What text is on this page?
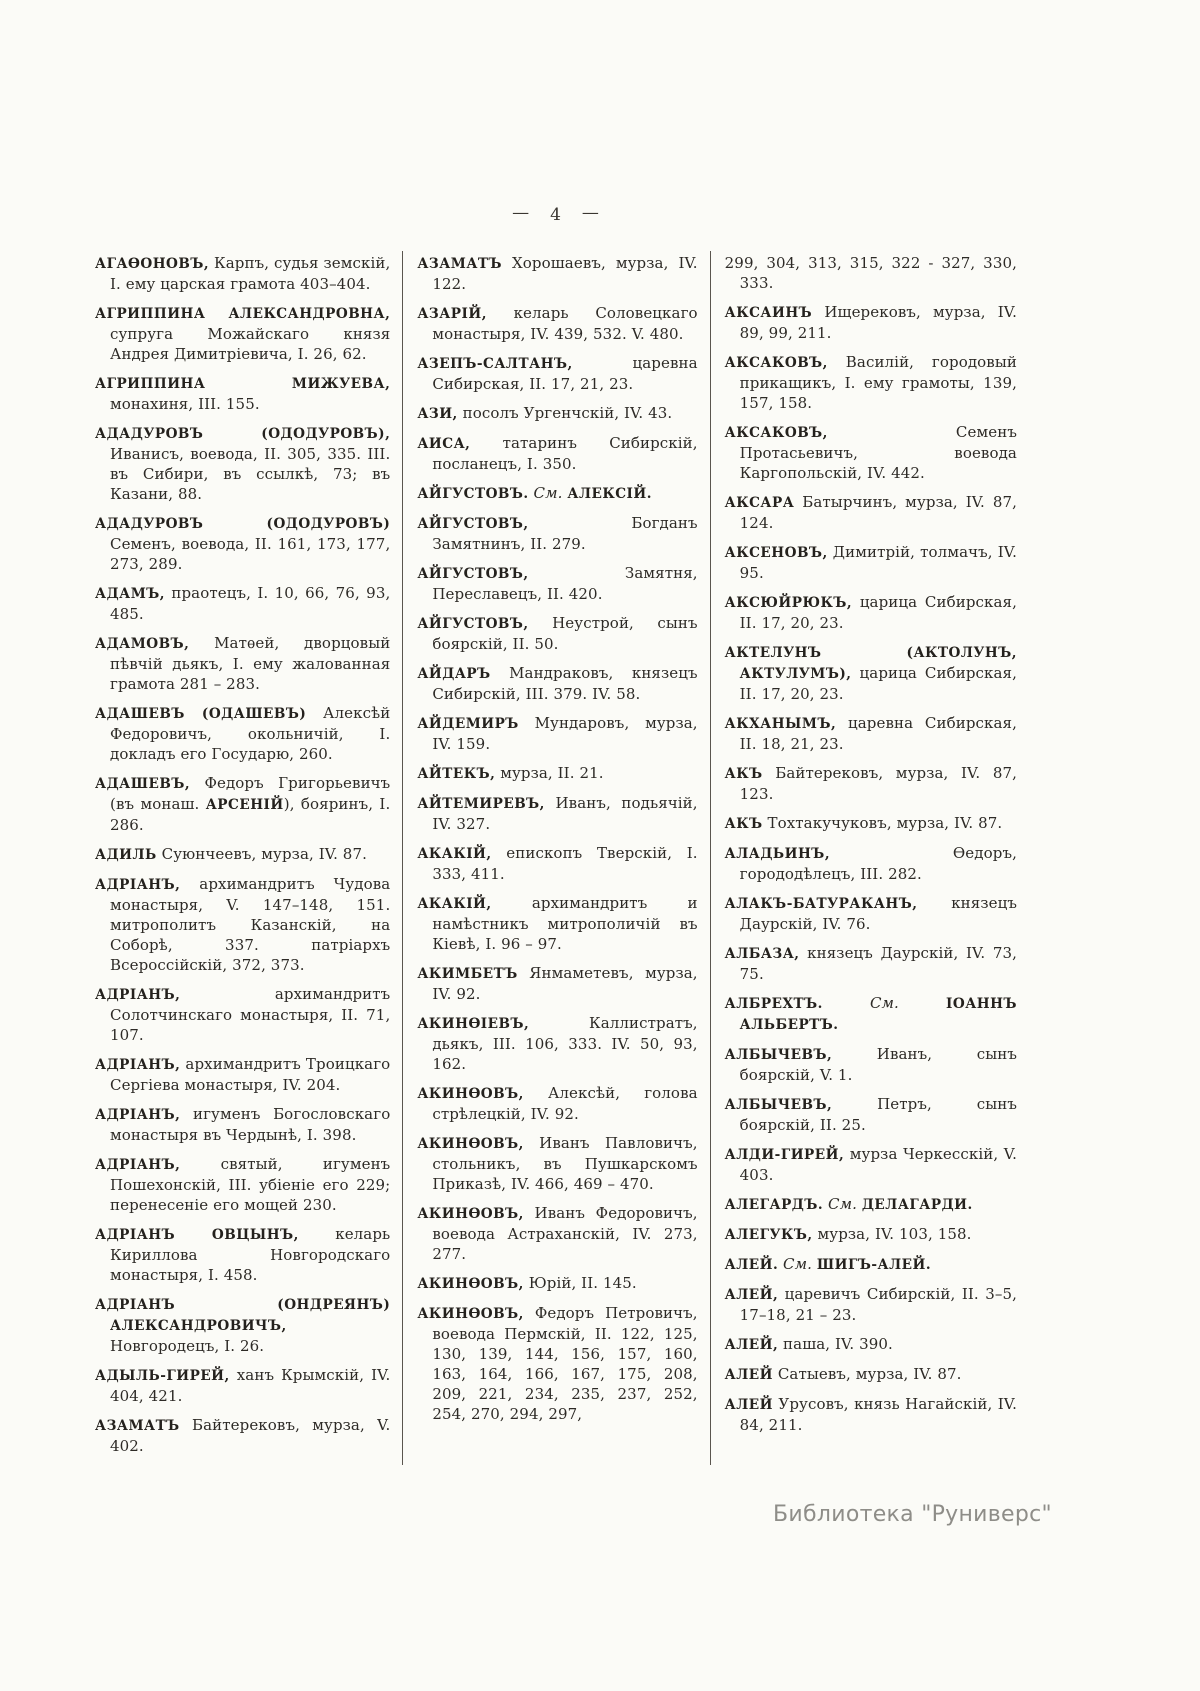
— 4 —

АГАѲОНОВЪ, Карпъ, судья земскій, I. ему царская грамота 403–404.

АГРИППИНА АЛЕКСАНДРОВНА, супруга Можайскаго князя Андрея Димитріевича, I. 26, 62.

АГРИППИНА МИЖУЕВА, монахиня, III. 155.

АДАДУРОВЪ (ОДОДУРОВЪ), Иванисъ, воевода, II. 305, 335. III. въ Сибири, въ ссылкѣ, 73; въ Казани, 88.

АДАДУРОВЪ (ОДОДУРОВЪ) Семенъ, воевода, II. 161, 173, 177, 273, 289.

АДАМЪ, праотецъ, I. 10, 66, 76, 93, 485.

АДАМОВЪ, Матѳей, дворцовый пѣвчій дьякъ, I. ему жалованная грамота 281 – 283.

АДАШЕВЪ (ОДАШЕВЪ) Алексѣй Федоровичъ, окольничій, I. докладъ его Государю, 260.

АДАШЕВЪ, Федоръ Григорьевичъ (въ монаш. АРСЕНІЙ), бояринъ, I. 286.

АДИЛЬ Суюнчеевъ, мурза, IV. 87.

АДРІАНЪ, архимандритъ Чудова монастыря, V. 147–148, 151. митрополитъ Казанскій, на Соборѣ, 337. патріархъ Всероссійскій, 372, 373.

АДРІАНЪ, архимандритъ Солотчинскаго монастыря, II. 71, 107.

АДРІАНЪ, архимандритъ Троицкаго Сергіева монастыря, IV. 204.

АДРІАНЪ, игуменъ Богословскаго монастыря въ Чердынѣ, I. 398.

АДРІАНЪ, святый, игуменъ Пошехонскій, III. убіеніе его 229; перенесеніе его мощей 230.

АДРІАНЪ ОВЦЫНЪ, келарь Кириллова Новгородскаго монастыря, I. 458.

АДРІАНЪ (ОНДРЕЯНЪ) АЛЕКСАНДРОВИЧЪ, Новгородецъ, I. 26.

АДЫЛЬ-ГИРЕЙ, ханъ Крымскій, IV. 404, 421.

АЗАМАТЪ Байтерековъ, мурза, V. 402.

АЗАМАТЪ Хорошаевъ, мурза, IV. 122.

АЗАРІЙ, келарь Соловецкаго монастыря, IV. 439, 532. V. 480.

АЗЕПЪ-САЛТАНЪ, царевна Сибирская, II. 17, 21, 23.

АЗИ, посолъ Ургенчскій, IV. 43.

АИСА, татаринъ Сибирскій, посланецъ, I. 350.

АЙГУСТОВЪ. См. АЛЕКСІЙ.

АЙГУСТОВЪ, Богданъ Замятнинъ, II. 279.

АЙГУСТОВЪ, Замятня, Переславецъ, II. 420.

АЙГУСТОВЪ, Неустрой, сынъ боярскій, II. 50.

АЙДАРЪ Мандраковъ, князецъ Сибирскій, III. 379. IV. 58.

АЙДЕМИРЪ Мундаровъ, мурза, IV. 159.

АЙТЕКЪ, мурза, II. 21.

АЙТЕМИРЕВЪ, Иванъ, подьячій, IV. 327.

АКАКІЙ, епископъ Тверскій, I. 333, 411.

АКАКІЙ, архимандритъ и намѣстникъ митрополичій въ Кіевѣ, I. 96 – 97.

АКИМБЕТЪ Янмаметевъ, мурза, IV. 92.

АКИНѲІЕВЪ, Каллистратъ, дьякъ, III. 106, 333. IV. 50, 93, 162.

АКИНѲОВЪ, Алексѣй, голова стрѣлецкій, IV. 92.

АКИНѲОВЪ, Иванъ Павловичъ, стольникъ, въ Пушкарскомъ Приказѣ, IV. 466, 469 – 470.

АКИНѲОВЪ, Иванъ Федоровичъ, воевода Астраханскій, IV. 273, 277.

АКИНѲОВЪ, Юрій, II. 145.

АКИНѲОВЪ, Федоръ Петровичъ, воевода Пермскій, II. 122, 125, 130, 139, 144, 156, 157, 160, 163, 164, 166, 167, 175, 208, 209, 221, 234, 235, 237, 252, 254, 270, 294, 297,

299, 304, 313, 315, 322 - 327, 330, 333.

АКСАИНЪ Ищерековъ, мурза, IV. 89, 99, 211.

АКСАКОВЪ, Василій, городовый прикащикъ, I. ему грамоты, 139, 157, 158.

АКСАКОВЪ, Семенъ Протасьевичъ, воевода Каргопольскій, IV. 442.

АКСАРА Батырчинъ, мурза, IV. 87, 124.

АКСЕНОВЪ, Димитрій, толмачъ, IV. 95.

АКСЮЙРЮКЪ, царица Сибирская, II. 17, 20, 23.

АКТЕЛУНЪ (АКТОЛУНЪ, АКТУЛУМЪ), царица Сибирская, II. 17, 20, 23.

АКХАНЫМЪ, царевна Сибирская, II. 18, 21, 23.

АКЪ Байтерековъ, мурза, IV. 87, 123.

АКЪ Тохтакучуковъ, мурза, IV. 87.

АЛАДЬИНЪ, Ѳедоръ, горододѣлецъ, III. 282.

АЛАКЪ-БАТУРАКАНЪ, князецъ Даурскій, IV. 76.

АЛБАЗА, князецъ Даурскій, IV. 73, 75.

АЛБРЕХТЪ. См. ІОАННЪ АЛЬБЕРТЪ.

АЛБЫЧЕВЪ, Иванъ, сынъ боярскій, V. 1.

АЛБЫЧЕВЪ, Петръ, сынъ боярскій, II. 25.

АЛДИ-ГИРЕЙ, мурза Черкесскій, V. 403.

АЛЕГАРДЪ. См. ДЕЛАГАРДИ.

АЛЕГУКЪ, мурза, IV. 103, 158.

АЛЕЙ. См. ШИГЪ-АЛЕЙ.

АЛЕЙ, царевичъ Сибирскій, II. 3–5, 17–18, 21 – 23.

АЛЕЙ, паша, IV. 390.

АЛЕЙ Сатыевъ, мурза, IV. 87.

АЛЕЙ Урусовъ, князь Нагайскій, IV. 84, 211.

Библиотека "Руниверс"
